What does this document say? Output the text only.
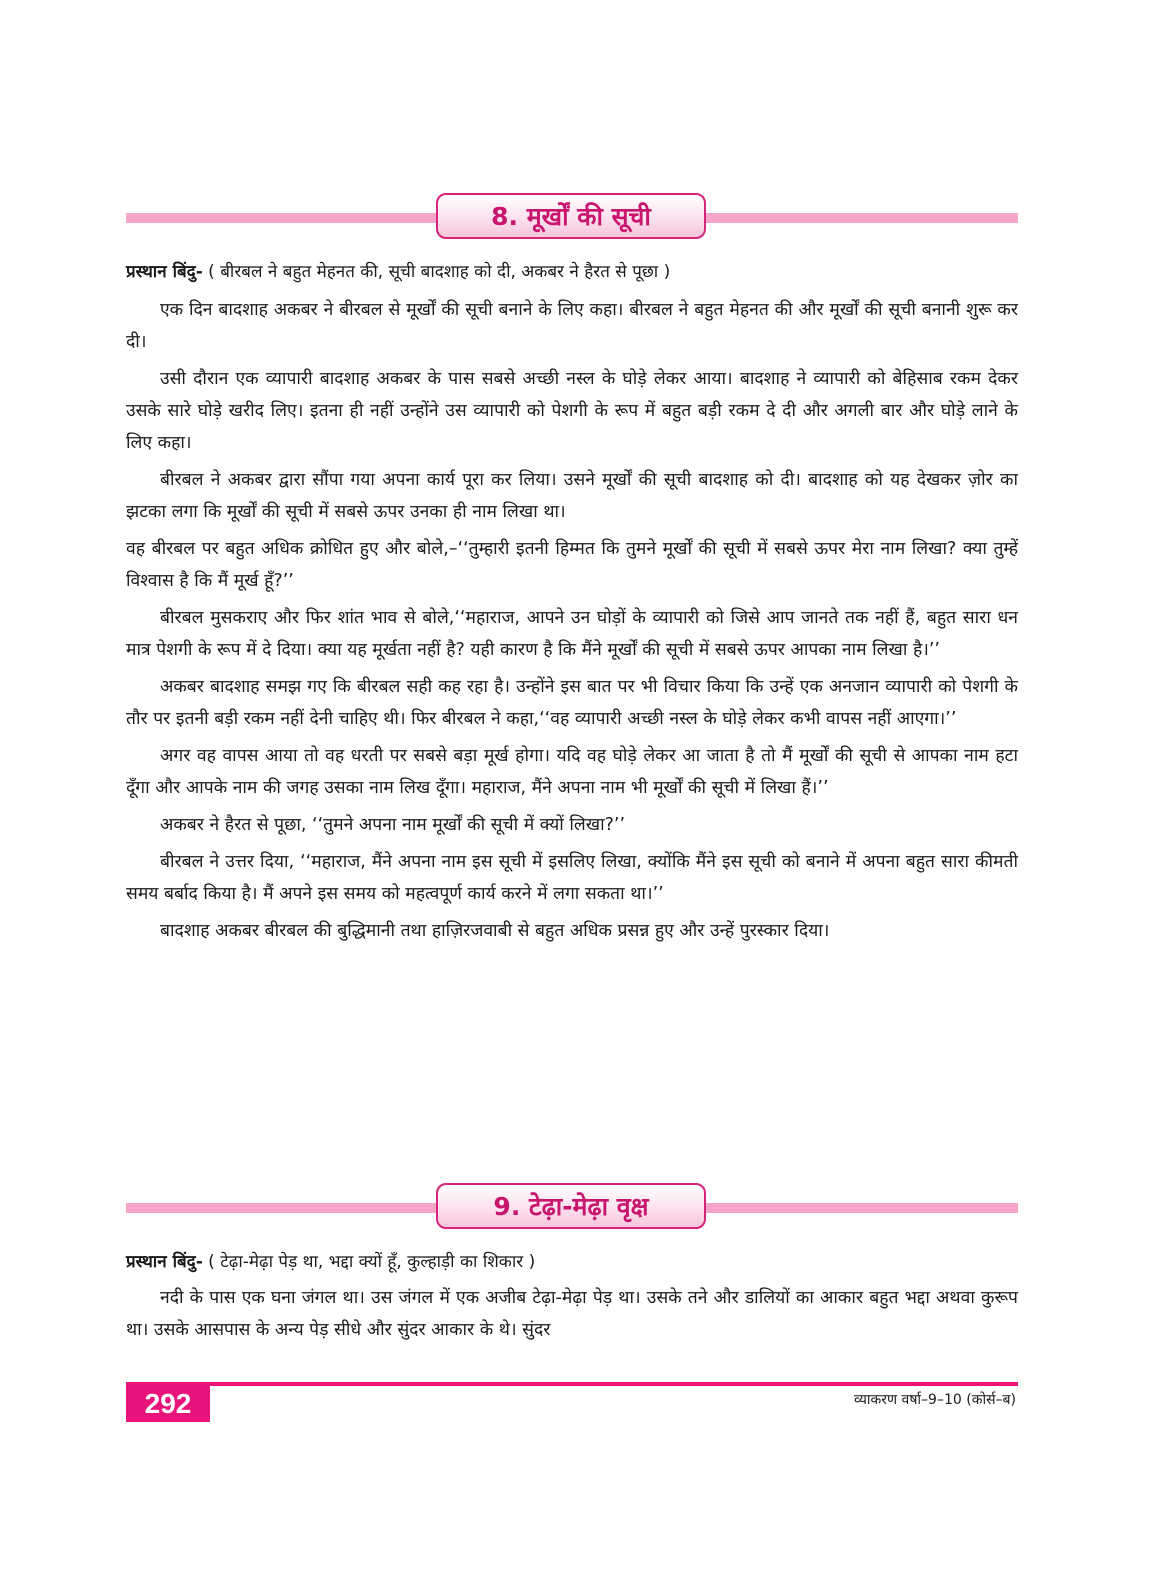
8. मूर्खों की सूची

प्रस्थान बिंदु- ( बीरबल ने बहुत मेहनत की, सूची बादशाह को दी, अकबर ने हैरत से पूछा )

एक दिन बादशाह अकबर ने बीरबल से मूर्खों की सूची बनाने के लिए कहा। बीरबल ने बहुत मेहनत की और मूर्खों की सूची बनानी शुरू कर दी।

उसी दौरान एक व्यापारी बादशाह अकबर के पास सबसे अच्छी नस्ल के घोड़े लेकर आया। बादशाह ने व्यापारी को बेहिसाब रकम देकर उसके सारे घोड़े खरीद लिए। इतना ही नहीं उन्होंने उस व्यापारी को पेशगी के रूप में बहुत बड़ी रकम दे दी और अगली बार और घोड़े लाने के लिए कहा।

बीरबल ने अकबर द्वारा सौंपा गया अपना कार्य पूरा कर लिया। उसने मूर्खों की सूची बादशाह को दी। बादशाह को यह देखकर ज़ोर का झटका लगा कि मूर्खों की सूची में सबसे ऊपर उनका ही नाम लिखा था।

वह बीरबल पर बहुत अधिक क्रोधित हुए और बोले,–‘‘तुम्हारी इतनी हिम्मत कि तुमने मूर्खों की सूची में सबसे ऊपर मेरा नाम लिखा? क्या तुम्हें विश्वास है कि मैं मूर्ख हूँ?’’

बीरबल मुसकराए और फिर शांत भाव से बोले,‘‘महाराज, आपने उन घोड़ों के व्यापारी को जिसे आप जानते तक नहीं हैं, बहुत सारा धन मात्र पेशगी के रूप में दे दिया। क्या यह मूर्खता नहीं है? यही कारण है कि मैंने मूर्खों की सूची में सबसे ऊपर आपका नाम लिखा है।’’

अकबर बादशाह समझ गए कि बीरबल सही कह रहा है। उन्होंने इस बात पर भी विचार किया कि उन्हें एक अनजान व्यापारी को पेशगी के तौर पर इतनी बड़ी रकम नहीं देनी चाहिए थी। फिर बीरबल ने कहा,‘‘वह व्यापारी अच्छी नस्ल के घोड़े लेकर कभी वापस नहीं आएगा।’’

अगर वह वापस आया तो वह धरती पर सबसे बड़ा मूर्ख होगा। यदि वह घोड़े लेकर आ जाता है तो मैं मूर्खों की सूची से आपका नाम हटा दूँगा और आपके नाम की जगह उसका नाम लिख दूँगा। महाराज, मैंने अपना नाम भी मूर्खों की सूची में लिखा हैं।’’

अकबर ने हैरत से पूछा, ‘‘तुमने अपना नाम मूर्खों की सूची में क्यों लिखा?’’

बीरबल ने उत्तर दिया, ‘‘महाराज, मैंने अपना नाम इस सूची में इसलिए लिखा, क्योंकि मैंने इस सूची को बनाने में अपना बहुत सारा कीमती समय बर्बाद किया है। मैं अपने इस समय को महत्वपूर्ण कार्य करने में लगा सकता था।’’

बादशाह अकबर बीरबल की बुद्धिमानी तथा हाज़िरजवाबी से बहुत अधिक प्रसन्न हुए और उन्हें पुरस्कार दिया।

9. टेढ़ा-मेढ़ा वृक्ष

प्रस्थान बिंदु- ( टेढ़ा-मेढ़ा पेड़ था, भद्दा क्यों हूँ, कुल्हाड़ी का शिकार )

नदी के पास एक घना जंगल था। उस जंगल में एक अजीब टेढ़ा-मेढ़ा पेड़ था। उसके तने और डालियों का आकार बहुत भद्दा अथवा कुरूप था। उसके आसपास के अन्य पेड़ सीधे और सुंदर आकार के थे। सुंदर

292	व्याकरण वर्षा–9–10 (कोर्स–ब)
